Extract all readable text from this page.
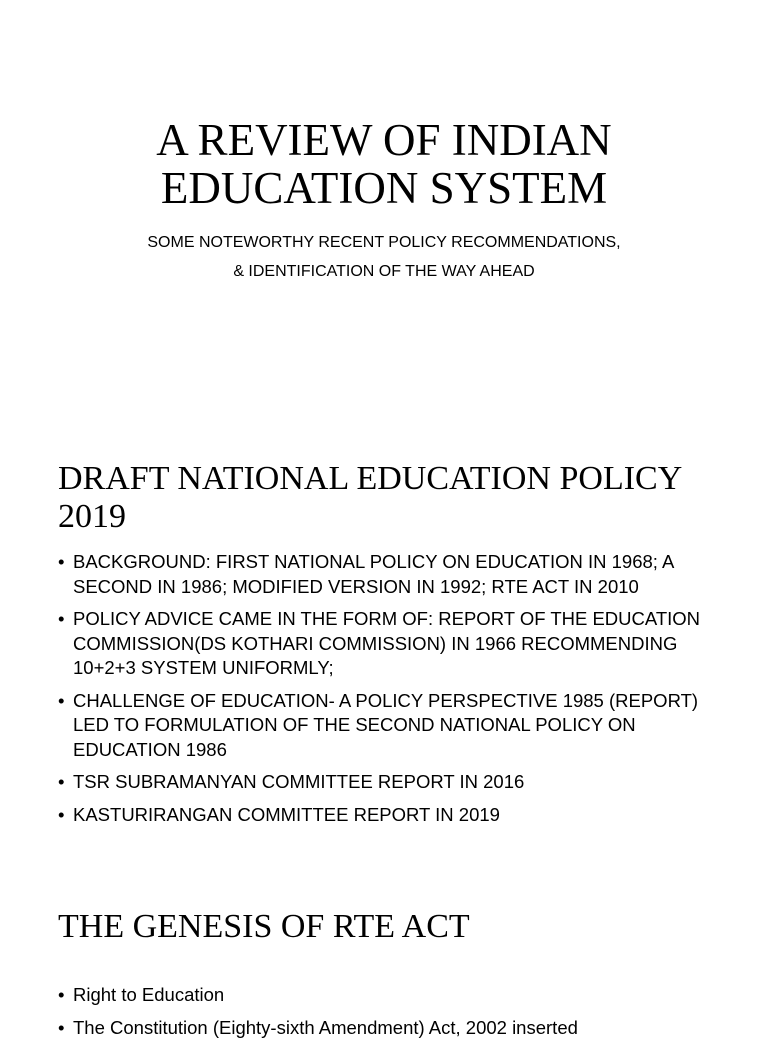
A REVIEW OF INDIAN
EDUCATION SYSTEM

SOME NOTEWORTHY RECENT POLICY RECOMMENDATIONS,
& IDENTIFICATION OF THE WAY AHEAD

DRAFT NATIONAL EDUCATION POLICY 2019
• BACKGROUND: FIRST NATIONAL POLICY ON EDUCATION IN 1968; A SECOND IN 1986; MODIFIED VERSION IN 1992; RTE ACT IN 2010
• POLICY ADVICE CAME IN THE FORM OF: REPORT OF THE EDUCATION COMMISSION(DS KOTHARI COMMISSION) IN 1966 RECOMMENDING 10+2+3 SYSTEM UNIFORMLY;
• CHALLENGE OF EDUCATION- A POLICY PERSPECTIVE 1985 (REPORT) LED TO FORMULATION OF THE SECOND NATIONAL POLICY ON EDUCATION 1986
• TSR SUBRAMANYAN COMMITTEE REPORT IN 2016
• KASTURIRANGAN COMMITTEE REPORT IN 2019
THE GENESIS OF RTE ACT
• Right to Education
• The Constitution (Eighty-sixth Amendment) Act, 2002 inserted
